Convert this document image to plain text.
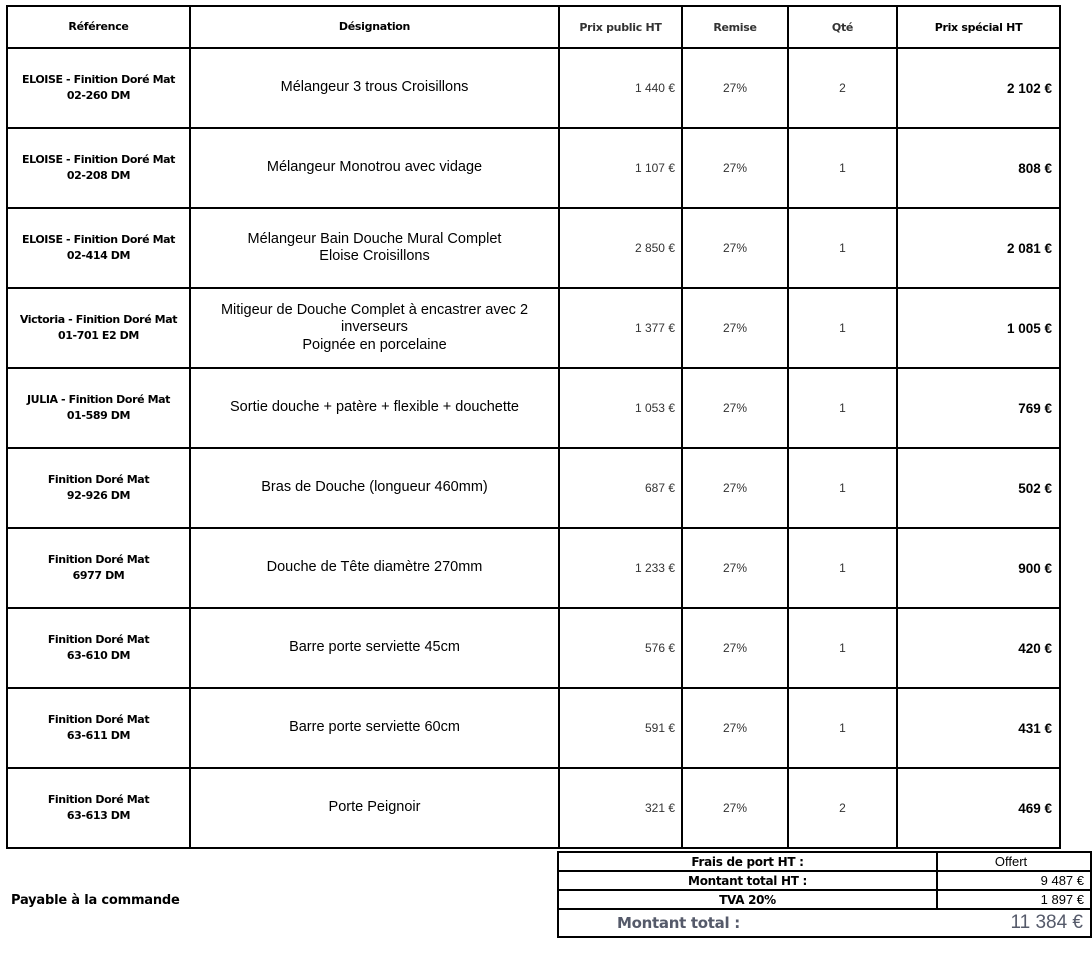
Référence	Désignation	Prix public HT	Remise	Qté	Prix spécial HT

ELOISE - Finition Doré Mat
02-260 DM	Mélangeur 3 trous Croisillons	1 440 €	27%	2	2 102 €

ELOISE - Finition Doré Mat
02-208 DM	Mélangeur Monotrou avec vidage	1 107 €	27%	1	808 €

ELOISE - Finition Doré Mat
02-414 DM	Mélangeur Bain Douche Mural Complet
Eloise Croisillons	2 850 €	27%	1	2 081 €

Victoria - Finition Doré Mat
01-701 E2 DM	Mitigeur de Douche Complet à encastrer avec 2
inverseurs
Poignée en porcelaine	1 377 €	27%	1	1 005 €

JULIA - Finition Doré Mat
01-589 DM	Sortie douche + patère + flexible + douchette	1 053 €	27%	1	769 €

Finition Doré Mat
92-926 DM	Bras de Douche (longueur 460mm)	687 €	27%	1	502 €

Finition Doré Mat
6977 DM	Douche de Tête diamètre 270mm	1 233 €	27%	1	900 €

Finition Doré Mat
63-610 DM	Barre porte serviette 45cm	576 €	27%	1	420 €

Finition Doré Mat
63-611 DM	Barre porte serviette 60cm	591 €	27%	1	431 €

Finition Doré Mat
63-613 DM	Porte Peignoir	321 €	27%	2	469 €
Payable à la commande
Frais de port HT :	Offert
Montant total HT :	9 487 €
TVA 20%	1 897 €
Montant total :	11 384 €
